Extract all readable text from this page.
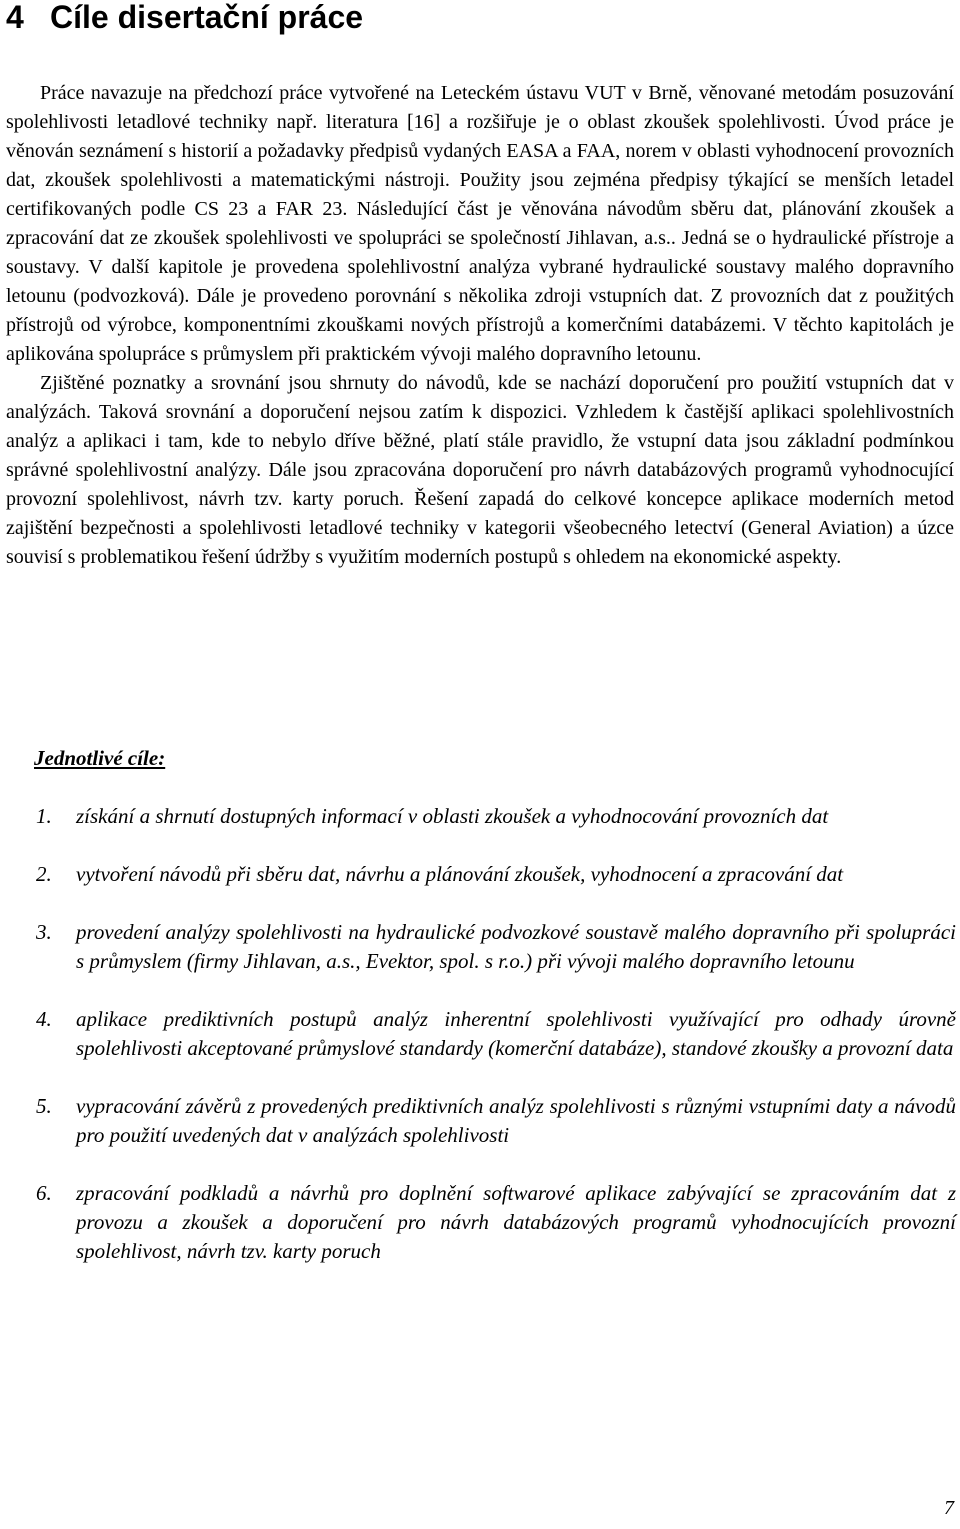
4 Cíle disertační práce

Práce navazuje na předchozí práce vytvořené na Leteckém ústavu VUT v Brně, věnované metodám posuzování spolehlivosti letadlové techniky např. literatura [16] a rozšiřuje je o oblast zkoušek spolehlivosti. Úvod práce je věnován seznámení s historií a požadavky předpisů vydaných EASA a FAA, norem v oblasti vyhodnocení provozních dat, zkoušek spolehlivosti a matematickými nástroji. Použity jsou zejména předpisy týkající se menších letadel certifikovaných podle CS 23 a FAR 23. Následující část je věnována návodům sběru dat, plánování zkoušek a zpracování dat ze zkoušek spolehlivosti ve spolupráci se společností Jihlavan, a.s.. Jedná se o hydraulické přístroje a soustavy. V další kapitole je provedena spolehlivostní analýza vybrané hydraulické soustavy malého dopravního letounu (podvozková). Dále je provedeno porovnání s několika zdroji vstupních dat. Z provozních dat z použitých přístrojů od výrobce, komponentními zkouškami nových přístrojů a komerčními databázemi. V těchto kapitolách je aplikována spolupráce s průmyslem při praktickém vývoji malého dopravního letounu.

Zjištěné poznatky a srovnání jsou shrnuty do návodů, kde se nachází doporučení pro použití vstupních dat v analýzách. Taková srovnání a doporučení nejsou zatím k dispozici. Vzhledem k častější aplikaci spolehlivostních analýz a aplikaci i tam, kde to nebylo dříve běžné, platí stále pravidlo, že vstupní data jsou základní podmínkou správné spolehlivostní analýzy. Dále jsou zpracována doporučení pro návrh databázových programů vyhodnocující provozní spolehlivost, návrh tzv. karty poruch. Řešení zapadá do celkové koncepce aplikace moderních metod zajištění bezpečnosti a spolehlivosti letadlové techniky v kategorii všeobecného letectví (General Aviation) a úzce souvisí s problematikou řešení údržby s využitím moderních postupů s ohledem na ekonomické aspekty.

Jednotlivé cíle:
1.	získání a shrnutí dostupných informací v oblasti zkoušek a vyhodnocování provozních dat
2.	vytvoření návodů při sběru dat, návrhu a plánování zkoušek, vyhodnocení a zpracování dat
3.	provedení analýzy spolehlivosti na hydraulické podvozkové soustavě malého dopravního při spolupráci s průmyslem (firmy Jihlavan, a.s., Evektor, spol. s r.o.) při vývoji malého dopravního letounu
4.	aplikace prediktivních postupů analýz inherentní spolehlivosti využívající pro odhady úrovně spolehlivosti akceptované průmyslové standardy (komerční databáze), standové zkoušky a provozní data
5.	vypracování závěrů z provedených prediktivních analýz spolehlivosti s různými vstupními daty a návodů pro použití uvedených dat v analýzách spolehlivosti
6.	zpracování podkladů a návrhů pro doplnění softwarové aplikace zabývající se zpracováním dat z provozu a zkoušek a doporučení pro návrh databázových programů vyhodnocujících provozní spolehlivost, návrh tzv. karty poruch
7
